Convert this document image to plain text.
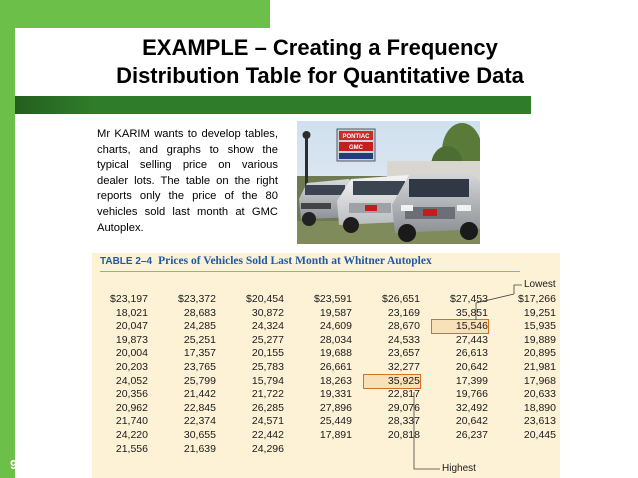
EXAMPLE – Creating a Frequency
Distribution Table for Quantitative Data

Mr KARIM wants to develop tables, charts, and graphs to show the typical selling price on various dealer lots. The table on the right reports only the price of the 80 vehicles sold last month at GMC Autoplex.

PONTIAC
GMC
TABLE 2–4 Prices of Vehicles Sold Last Month at Whitner Autoplex
$23,197	$23,372	$20,454	$23,591	$26,651	$27,453	$17,266
18,021	28,683	30,872	19,587	23,169	35,851	19,251
20,047	24,285	24,324	24,609	28,670	15,546	15,935
19,873	25,251	25,277	28,034	24,533	27,443	19,889
20,004	17,357	20,155	19,688	23,657	26,613	20,895
20,203	23,765	25,783	26,661	32,277	20,642	21,981
24,052	25,799	15,794	18,263	35,925	17,399	17,968
20,356	21,442	21,722	19,331	22,817	19,766	20,633
20,962	22,845	26,285	27,896	29,076	32,492	18,890
21,740	22,374	24,571	25,449	28,337	20,642	23,613
24,220	30,655	22,442	17,891	20,818	26,237	20,445
21,556	21,639	24,296
Lowest
Highest
9
